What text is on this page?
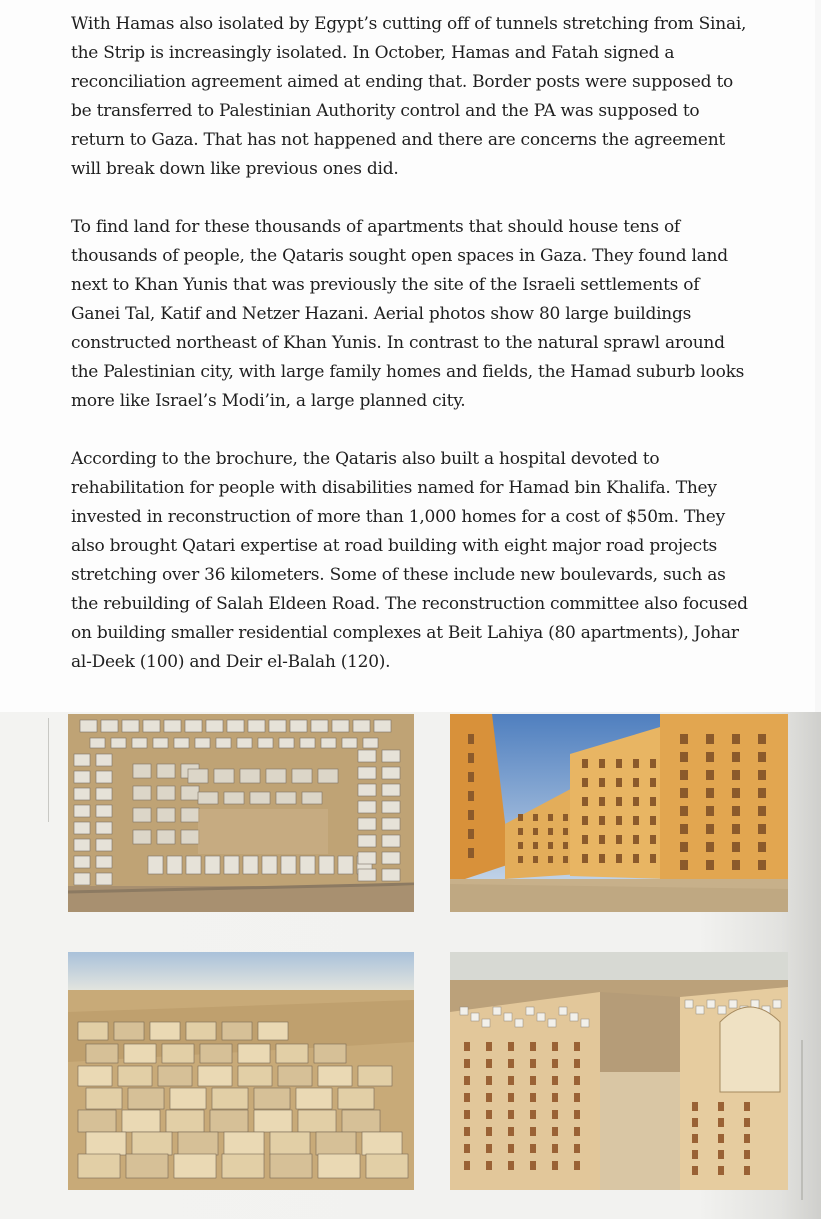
With Hamas also isolated by Egypt’s cutting off of tunnels stretching from Sinai, the Strip is increasingly isolated. In October, Hamas and Fatah signed a reconciliation agreement aimed at ending that. Border posts were supposed to be transferred to Palestinian Authority control and the PA was supposed to return to Gaza. That has not happened and there are concerns the agreement will break down like previous ones did.

To find land for these thousands of apartments that should house tens of thousands of people, the Qataris sought open spaces in Gaza. They found land next to Khan Yunis that was previously the site of the Israeli settlements of Ganei Tal, Katif and Netzer Hazani. Aerial photos show 80 large buildings constructed northeast of Khan Yunis. In contrast to the natural sprawl around the Palestinian city, with large family homes and fields, the Hamad suburb looks more like Israel’s Modi’in, a large planned city.

According to the brochure, the Qataris also built a hospital devoted to rehabilitation for people with disabilities named for Hamad bin Khalifa. They invested in reconstruction of more than 1,000 homes for a cost of $50m. They also brought Qatari expertise at road building with eight major road projects stretching over 36 kilometers. Some of these include new boulevards, such as the rebuilding of Salah Eldeen Road. The reconstruction committee also focused on building smaller residential complexes at Beit Lahiya (80 apartments), Johar al-Deek (100) and Deir el-Balah (120).
